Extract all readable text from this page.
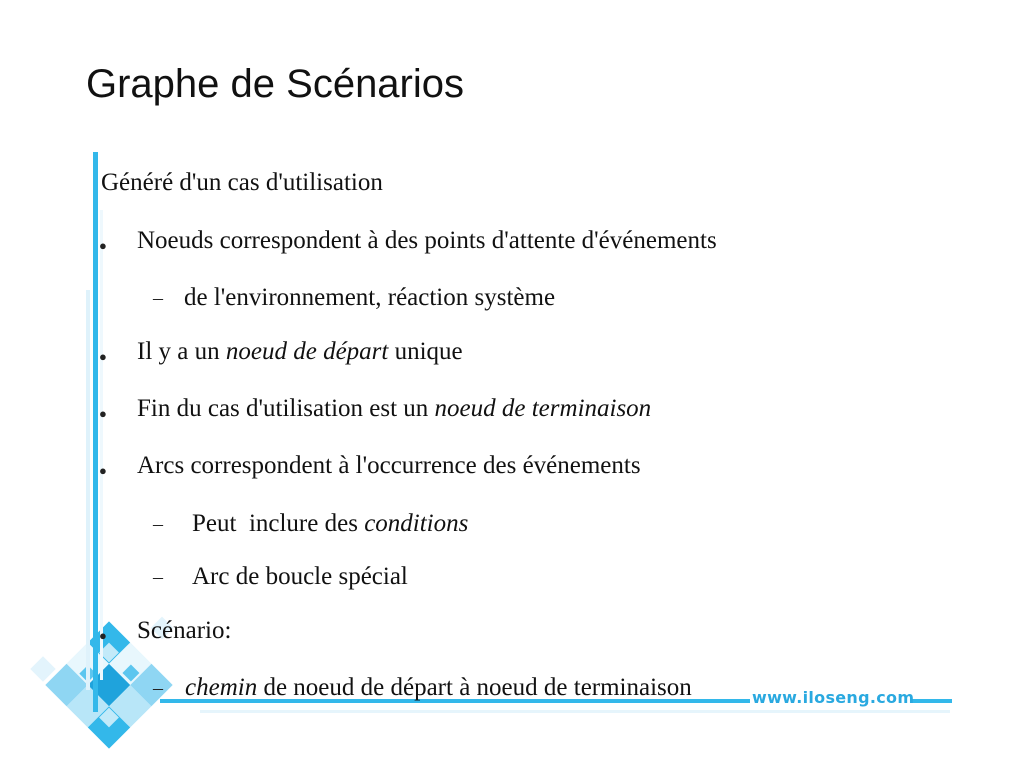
www.iloseng.com
Graphe de Scénarios
Généré d'un cas d'utilisation
● Noeuds correspondent à des points d'attente d'événements
– de l'environnement, réaction système
● Il y a un noeud de départ unique
● Fin du cas d'utilisation est un noeud de terminaison
● Arcs correspondent à l'occurrence des événements
– Peut  inclure des conditions
– Arc de boucle spécial
● Scénario:
– chemin de noeud de départ à noeud de terminaison
